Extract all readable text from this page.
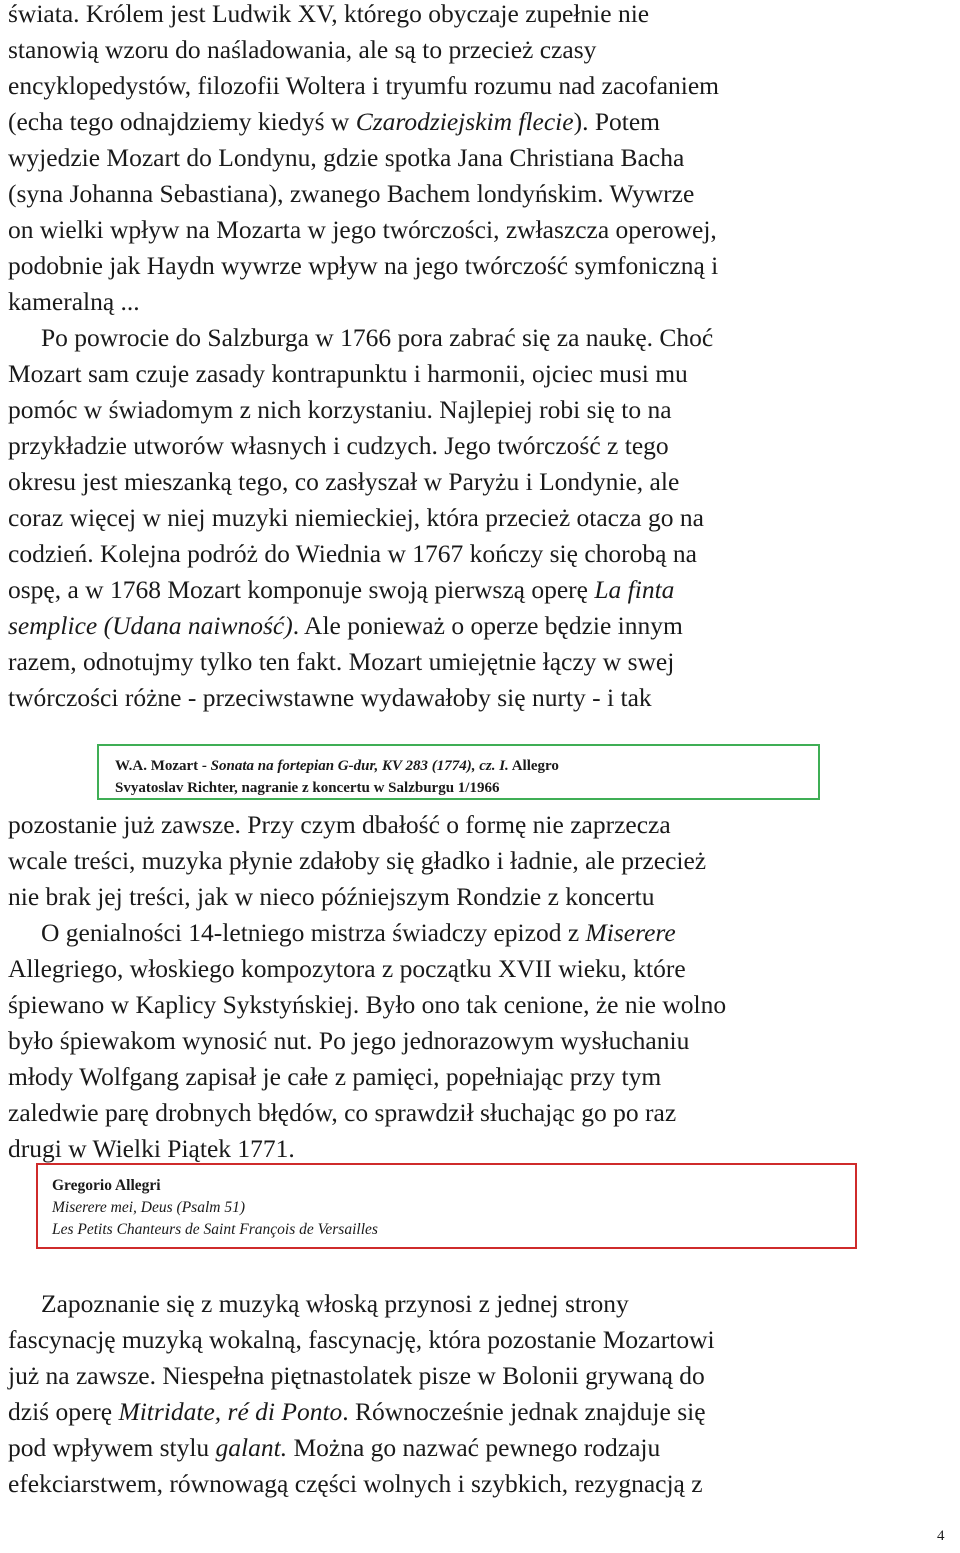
świata. Królem jest Ludwik XV, którego obyczaje zupełnie nie
stanowią wzoru do naśladowania, ale są to przecież czasy
encyklopedystów, filozofii Woltera i tryumfu rozumu nad zacofaniem
(echa tego odnajdziemy kiedyś w Czarodziejskim flecie). Potem
wyjedzie Mozart do Londynu, gdzie spotka Jana Christiana Bacha
(syna Johanna Sebastiana), zwanego Bachem londyńskim. Wywrze
on wielki wpływ na Mozarta w jego twórczości, zwłaszcza operowej,
podobnie jak Haydn wywrze wpływ na jego twórczość symfoniczną i
kameralną ...
Po powrocie do Salzburga w 1766 pora zabrać się za naukę. Choć
Mozart sam czuje zasady kontrapunktu i harmonii, ojciec musi mu
pomóc w świadomym z nich korzystaniu. Najlepiej robi się to na
przykładzie utworów własnych i cudzych. Jego twórczość z tego
okresu jest mieszanką tego, co zasłyszał w Paryżu i Londynie, ale
coraz więcej w niej muzyki niemieckiej, która przecież otacza go na
codzień. Kolejna podróż do Wiednia w 1767 kończy się chorobą na
ospę, a w 1768 Mozart komponuje swoją pierwszą operę La finta
semplice (Udana naiwność). Ale ponieważ o operze będzie innym
razem, odnotujmy tylko ten fakt. Mozart umiejętnie łączy w swej
twórczości różne - przeciwstawne wydawałoby się nurty - i tak
W.A. Mozart - Sonata na fortepian G-dur, KV 283 (1774), cz. I. Allegro
Svyatoslav Richter, nagranie z koncertu w Salzburgu 1/1966
pozostanie już zawsze. Przy czym dbałość o formę nie zaprzecza
wcale treści, muzyka płynie zdałoby się gładko i ładnie, ale przecież
nie brak jej treści, jak w nieco późniejszym Rondzie z koncertu
O genialności 14-letniego mistrza świadczy epizod z Miserere
Allegriego, włoskiego kompozytora z początku XVII wieku, które
śpiewano w Kaplicy Sykstyńskiej. Było ono tak cenione, że nie wolno
było śpiewakom wynosić nut. Po jego jednorazowym wysłuchaniu
młody Wolfgang zapisał je całe z pamięci, popełniając przy tym
zaledwie parę drobnych błędów, co sprawdził słuchając go po raz
drugi w Wielki Piątek 1771.
Gregorio Allegri
Miserere mei, Deus (Psalm 51)
Les Petits Chanteurs de Saint François de Versailles
Zapoznanie się z muzyką włoską przynosi z jednej strony
fascynację muzyką wokalną, fascynację, która pozostanie Mozartowi
już na zawsze. Niespełna piętnastolatek pisze w Bolonii grywaną do
dziś operę Mitridate, ré di Ponto. Równocześnie jednak znajduje się
pod wpływem stylu galant. Można go nazwać pewnego rodzaju
efekciarstwem, równowagą części wolnych i szybkich, rezygnacją z
4
